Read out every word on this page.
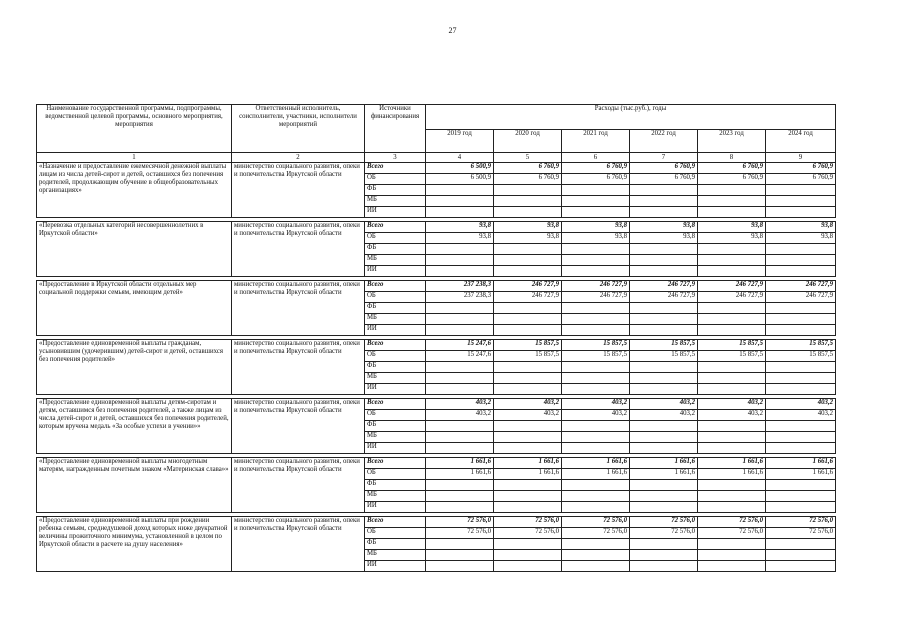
27
Наименование государственной программы, подпрограммы, ведомственной целевой программы, основного мероприятия, мероприятия	Ответственный исполнитель, соисполнители, участники, исполнители мероприятий	Источники финансирования	Расходы (тыс.руб.), годы					
			2019 год	2020 год	2021 год	2022 год	2023 год	2024 год
1	2	3	4	5	6	7	8	9
«Назначение и предоставление ежемесячной денежной выплаты лицам из числа детей-сирот и детей, оставшихся без попечения родителей, продолжающим обучение в общеобразовательных организациях»	министерство социального развития, опеки и попечительства Иркутской области	Всего	6 500,9	6 760,9	6 760,9	6 760,9	6 760,9	6 760,9
		ОБ	6 500,9	6 760,9	6 760,9	6 760,9	6 760,9	6 760,9
		ФБ						
		МБ						
		ИИ						

«Перевозка отдельных категорий несовершеннолетних в Иркутской области»	министерство социального развития, опеки и попечительства Иркутской области	Всего	93,8	93,8	93,8	93,8	93,8	93,8
		ОБ	93,8	93,8	93,8	93,8	93,8	93,8
		ФБ						
		МБ						
		ИИ						

«Предоставление в Иркутской области отдельных мер социальной поддержки семьям, имеющим детей»	министерство социального развития, опеки и попечительства Иркутской области	Всего	237 238,3	246 727,9	246 727,9	246 727,9	246 727,9	246 727,9
		ОБ	237 238,3	246 727,9	246 727,9	246 727,9	246 727,9	246 727,9
		ФБ						
		МБ						
		ИИ						

«Предоставление единовременной выплаты гражданам, усыновившим (удочерившим) детей-сирот и детей, оставшихся без попечения родителей»	министерство социального развития, опеки и попечительства Иркутской области	Всего	15 247,6	15 857,5	15 857,5	15 857,5	15 857,5	15 857,5
		ОБ	15 247,6	15 857,5	15 857,5	15 857,5	15 857,5	15 857,5
		ФБ						
		МБ						
		ИИ						

«Предоставление единовременной выплаты детям-сиротам и детям, оставшимся без попечения родителей, а также лицам из числа детей-сирот и детей, оставшихся без попечения родителей, которым вручена медаль «За особые успехи в учении»»	министерство социального развития, опеки и попечительства Иркутской области	Всего	403,2	403,2	403,2	403,2	403,2	403,2
		ОБ	403,2	403,2	403,2	403,2	403,2	403,2
		ФБ						
		МБ						
		ИИ						

«Предоставление единовременной выплаты многодетным матерям, награжденным почетным знаком «Материнская слава»»	министерство социального развития, опеки и попечительства Иркутской области	Всего	1 661,6	1 661,6	1 661,6	1 661,6	1 661,6	1 661,6
		ОБ	1 661,6	1 661,6	1 661,6	1 661,6	1 661,6	1 661,6
		ФБ						
		МБ						
		ИИ						

«Предоставление единовременной выплаты при рождении ребенка семьям, среднедушевой доход которых ниже двукратной величины прожиточного минимума, установленной в целом по Иркутской области в расчете на душу населения»	министерство социального развития, опеки и попечительства Иркутской области	Всего	72 576,0	72 576,0	72 576,0	72 576,0	72 576,0	72 576,0
		ОБ	72 576,0	72 576,0	72 576,0	72 576,0	72 576,0	72 576,0
		ФБ						
		МБ						
		ИИ						
